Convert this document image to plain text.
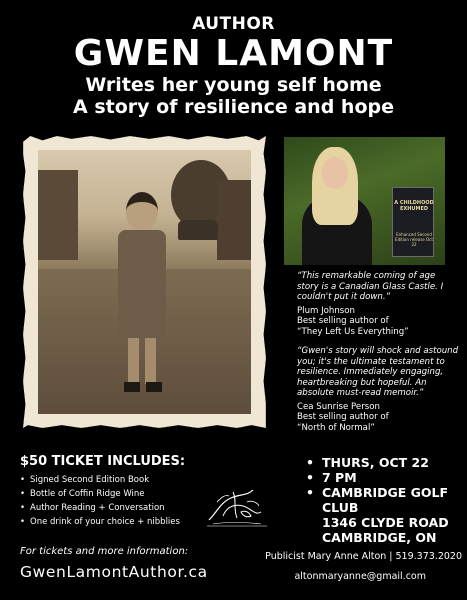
AUTHOR
GWEN LAMONT
Writes her young self home
A story of resilience and hope
A CHILDHOOD EXHUMED
Enhanced Second Edition release Oct 22
“This remarkable coming of age story is a Canadian Glass Castle. I couldn't put it down.”
Plum Johnson
Best selling author of
“They Left Us Everything”
“Gwen's story will shock and astound you; it's the ultimate testament to resilience. Immediately engaging, heartbreaking but hopeful. An absolute must-read memoir.”
Cea Sunrise Person
Best selling author of
“North of Normal”
$50 TICKET INCLUDES:
• Signed Second Edition Book
• Bottle of Coffin Ridge Wine
• Author Reading + Conversation
• One drink of your choice + nibblies
• THURS, OCT 22
• 7 PM
• CAMBRIDGE GOLF
CLUB
1346 CLYDE ROAD
CAMBRIDGE, ON
For tickets and more information:
GwenLamontAuthor.ca
Publicist Mary Anne Alton | 519.373.2020
altonmaryanne@gmail.com
